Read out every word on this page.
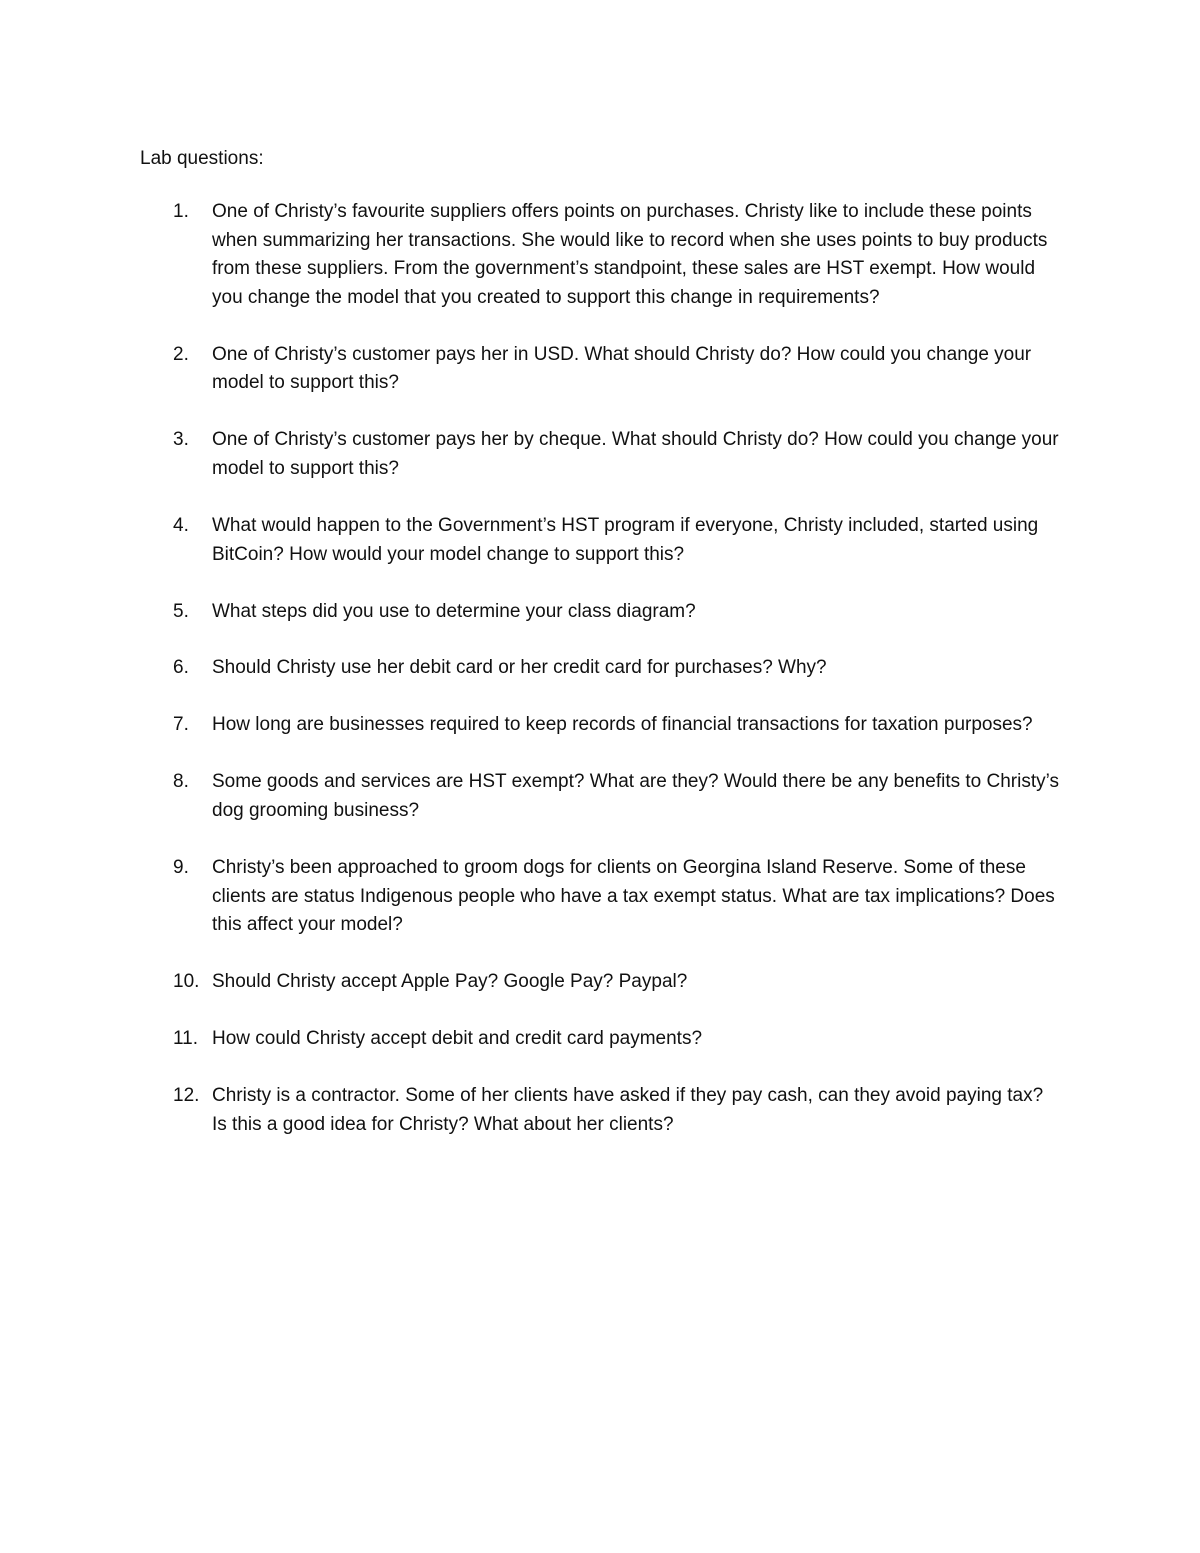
Lab questions:

1. One of Christy’s favourite suppliers offers points on purchases. Christy like to include these points when summarizing her transactions. She would like to record when she uses points to buy products from these suppliers. From the government’s standpoint, these sales are HST exempt. How would you change the model that you created to support this change in requirements?
2. One of Christy’s customer pays her in USD. What should Christy do? How could you change your model to support this?
3. One of Christy’s customer pays her by cheque. What should Christy do? How could you change your model to support this?
4. What would happen to the Government’s HST program if everyone, Christy included, started using BitCoin? How would your model change to support this?
5. What steps did you use to determine your class diagram?
6. Should Christy use her debit card or her credit card for purchases? Why?
7. How long are businesses required to keep records of financial transactions for taxation purposes?
8. Some goods and services are HST exempt? What are they? Would there be any benefits to Christy’s dog grooming business?
9. Christy’s been approached to groom dogs for clients on Georgina Island Reserve. Some of these clients are status Indigenous people who have a tax exempt status. What are tax implications? Does this affect your model?
10. Should Christy accept Apple Pay? Google Pay? Paypal?
11. How could Christy accept debit and credit card payments?
12. Christy is a contractor. Some of her clients have asked if they pay cash, can they avoid paying tax? Is this a good idea for Christy? What about her clients?
